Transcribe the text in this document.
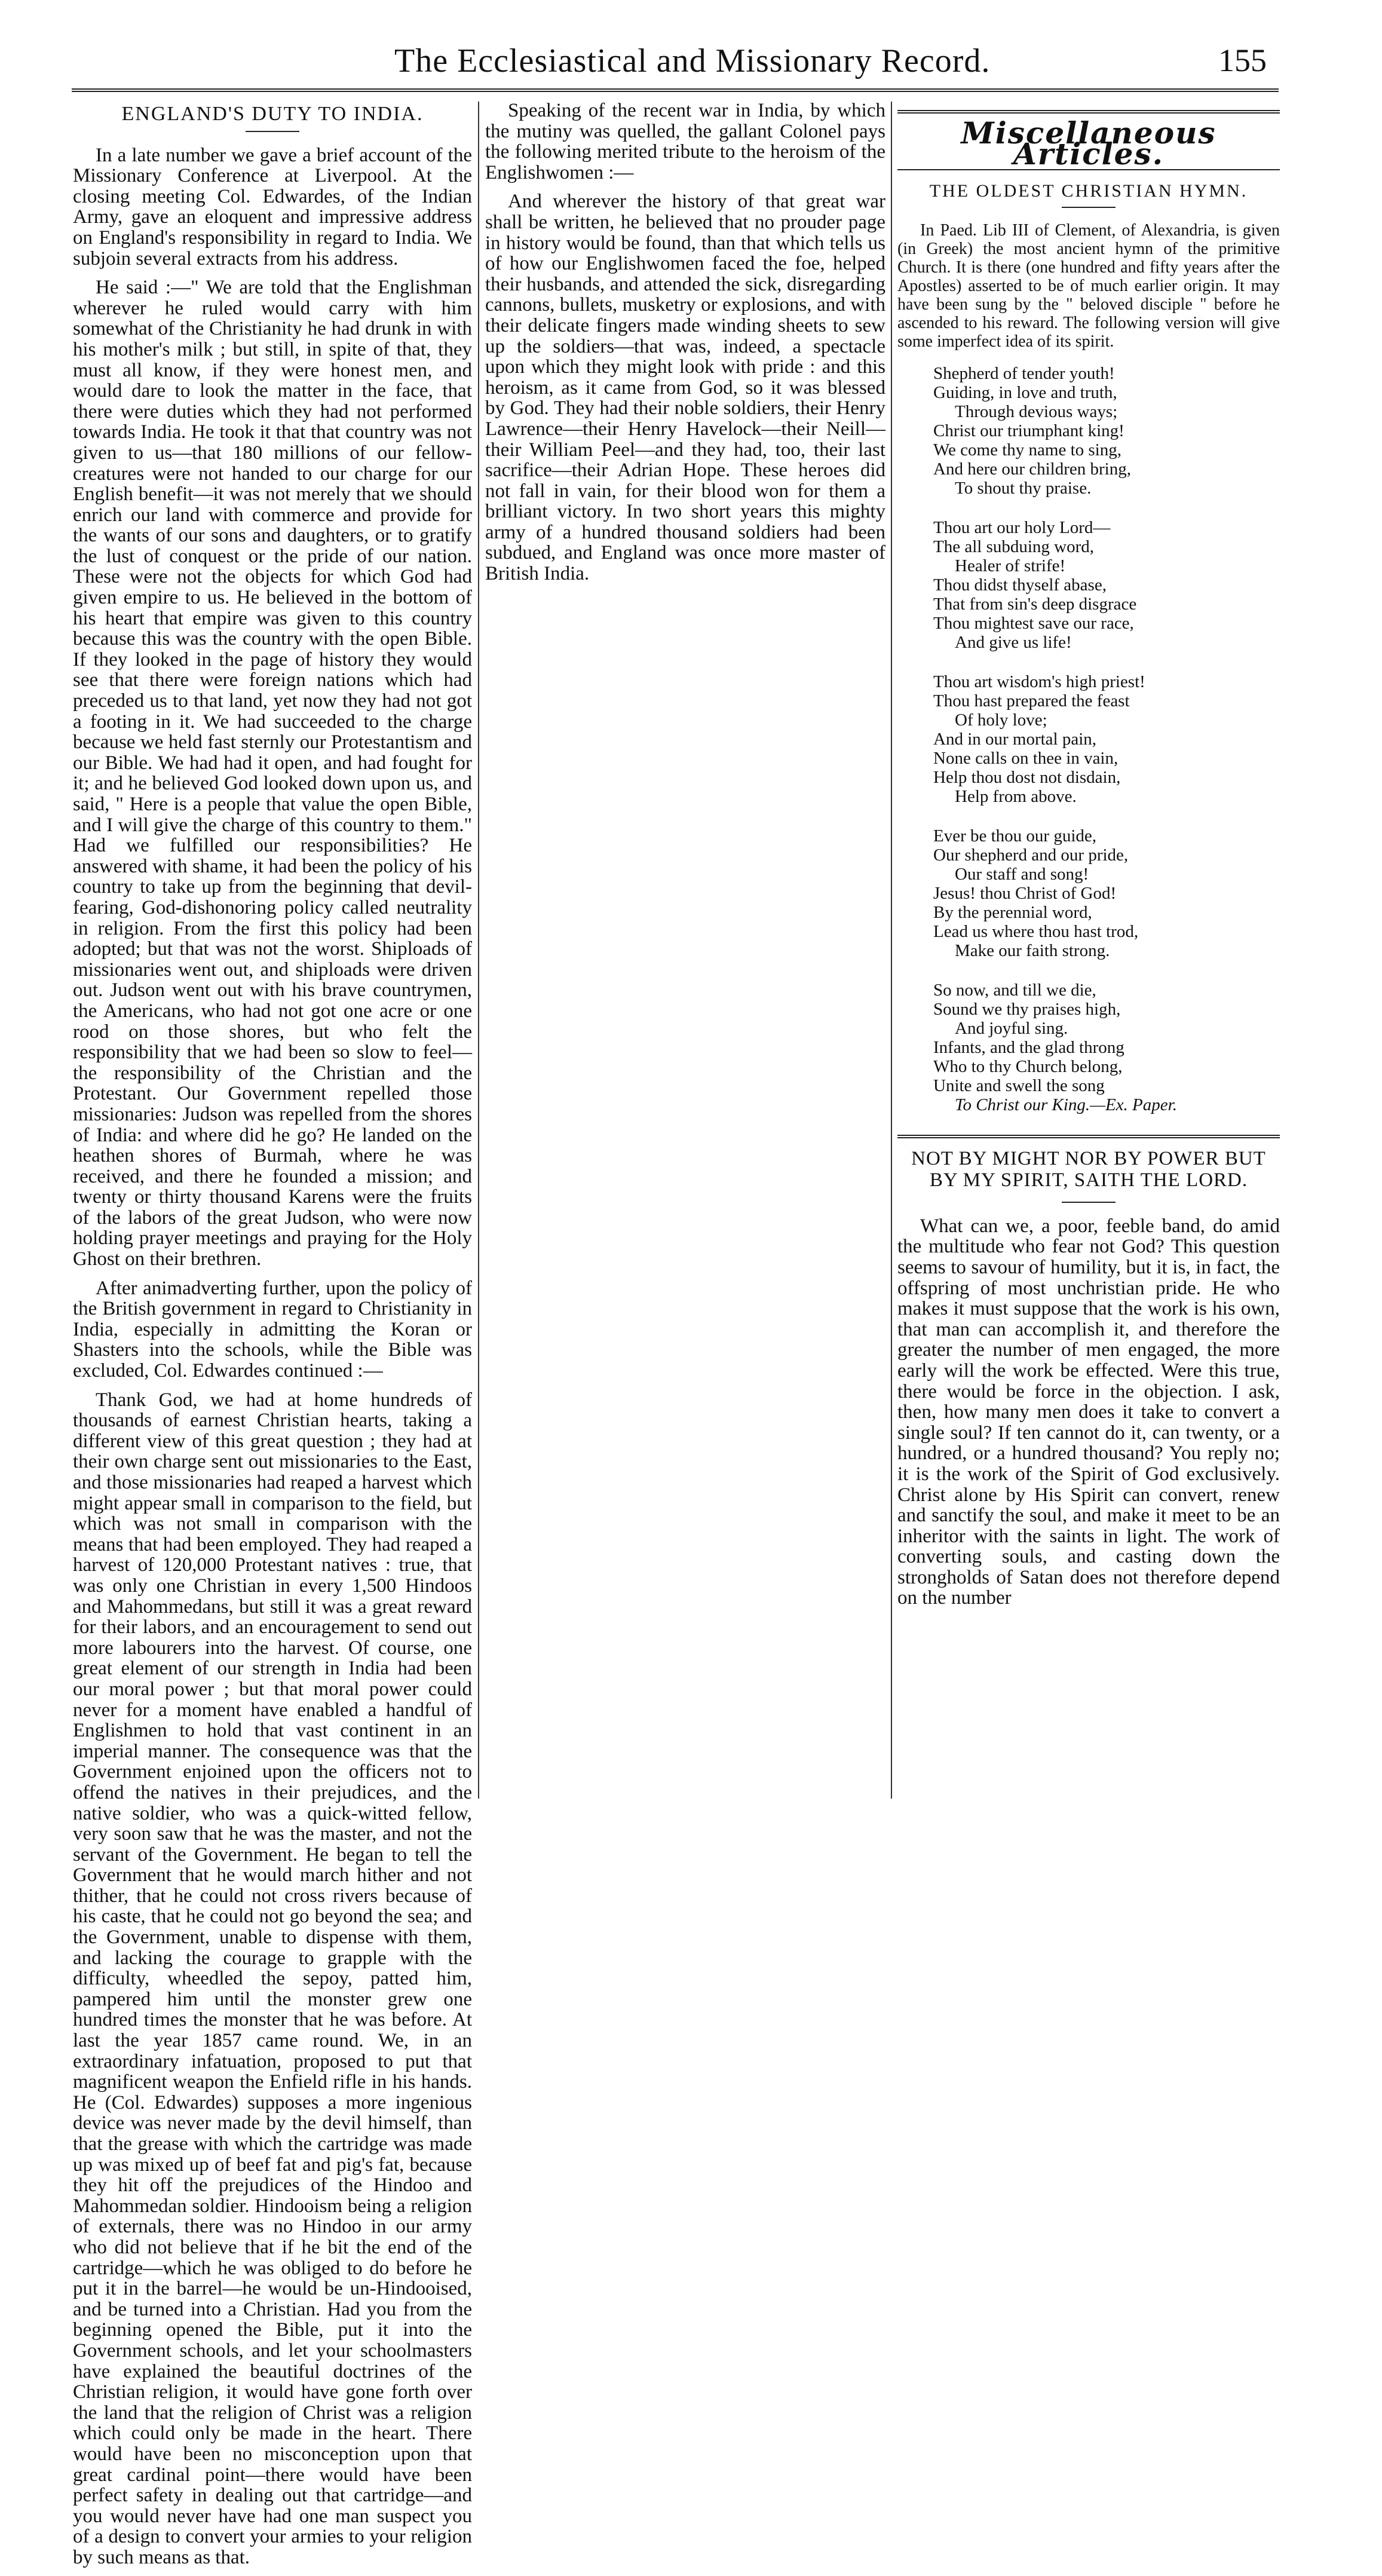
The Ecclesiastical and Missionary Record.	155
ENGLAND'S DUTY TO INDIA.

In a late number we gave a brief account of the Missionary Conference at Liverpool. At the closing meeting Col. Edwardes, of the Indian Army, gave an eloquent and impressive address on England's responsibility in regard to India. We subjoin several extracts from his address.

He said :—" We are told that the Englishman wherever he ruled would carry with him somewhat of the Christianity he had drunk in with his mother's milk ; but still, in spite of that, they must all know, if they were honest men, and would dare to look the matter in the face, that there were duties which they had not performed towards India. He took it that that country was not given to us—that 180 millions of our fellow-creatures were not handed to our charge for our English benefit—it was not merely that we should enrich our land with commerce and provide for the wants of our sons and daughters, or to gratify the lust of conquest or the pride of our nation. These were not the objects for which God had given empire to us. He believed in the bottom of his heart that empire was given to this country because this was the country with the open Bible. If they looked in the page of history they would see that there were foreign nations which had preceded us to that land, yet now they had not got a footing in it. We had succeeded to the charge because we held fast sternly our Protestantism and our Bible. We had had it open, and had fought for it; and he believed God looked down upon us, and said, " Here is a people that value the open Bible, and I will give the charge of this country to them." Had we fulfilled our responsibilities? He answered with shame, it had been the policy of his country to take up from the beginning that devil-fearing, God-dishonoring policy called neutrality in religion. From the first this policy had been adopted; but that was not the worst. Shiploads of missionaries went out, and shiploads were driven out. Judson went out with his brave countrymen, the Americans, who had not got one acre or one rood on those shores, but who felt the responsibility that we had been so slow to feel—the responsibility of the Christian and the Protestant. Our Government repelled those missionaries: Judson was repelled from the shores of India: and where did he go? He landed on the heathen shores of Burmah, where he was received, and there he founded a mission; and twenty or thirty thousand Karens were the fruits of the labors of the great Judson, who were now holding prayer meetings and praying for the Holy Ghost on their brethren.

After animadverting further, upon the policy of the British government in regard to Christianity in India, especially in admitting the Koran or Shasters into the schools, while the Bible was excluded, Col. Edwardes continued :—

Thank God, we had at home hundreds of thousands of earnest Christian hearts, taking a different view of this great question ; they had at their own charge sent out missionaries to the East, and those missionaries had reaped a harvest which might appear small in comparison to the field, but which was not small in comparison with the means that had been employed. They had reaped a harvest of 120,000 Protestant natives : true, that was only one Christian in every 1,500 Hindoos and Mahommedans, but still it was a great reward for their labors, and an encouragement to send out more labourers into the harvest. Of course, one great element of our strength in India had been our moral power ; but that moral power could never for a moment have enabled a handful of Englishmen to hold that vast continent in an imperial manner. The consequence was that the Government enjoined upon the officers not to offend the natives in their prejudices, and the native soldier, who was a quick-witted fellow, very soon saw that he was the master, and not the servant of the Government. He began to tell the Government that he would march hither and not thither, that he could not cross rivers because of his caste, that he could not go beyond the sea; and the Government, unable to dispense with them, and lacking the courage to grapple with the difficulty, wheedled the sepoy, patted him, pampered him until the monster grew one hundred times the monster that he was before. At last the year 1857 came round. We, in an extraordinary infatuation, proposed to put that magnificent weapon the Enfield rifle in his hands. He (Col. Edwardes) supposes a more ingenious device was never made by the devil himself, than that the grease with which the cartridge was made up was mixed up of beef fat and pig's fat, because they hit off the prejudices of the Hindoo and Mahommedan soldier. Hindooism being a religion of externals, there was no Hindoo in our army who did not believe that if he bit the end of the cartridge—which he was obliged to do before he put it in the barrel—he would be un-Hindooised, and be turned into a Christian. Had you from the beginning opened the Bible, put it into the Government schools, and let your schoolmasters have explained the beautiful doctrines of the Christian religion, it would have gone forth over the land that the religion of Christ was a religion which could only be made in the heart. There would have been no misconception upon that great cardinal point—there would have been perfect safety in dealing out that cartridge—and you would never have had one man suspect you of a design to convert your armies to your religion by such means as that.

Speaking of the recent war in India, by which the mutiny was quelled, the gallant Colonel pays the following merited tribute to the heroism of the Englishwomen :—

And wherever the history of that great war shall be written, he believed that no prouder page in history would be found, than that which tells us of how our Englishwomen faced the foe, helped their husbands, and attended the sick, disregarding cannons, bullets, musketry or explosions, and with their delicate fingers made winding sheets to sew up the soldiers—that was, indeed, a spectacle upon which they might look with pride : and this heroism, as it came from God, so it was blessed by God. They had their noble soldiers, their Henry Lawrence—their Henry Havelock—their Neill—their William Peel—and they had, too, their last sacrifice—their Adrian Hope. These heroes did not fall in vain, for their blood won for them a brilliant victory. In two short years this mighty army of a hundred thousand soldiers had been subdued, and England was once more master of British India.

Miscellaneous Articles.
THE OLDEST CHRISTIAN HYMN.

In Paed. Lib III of Clement, of Alexandria, is given (in Greek) the most ancient hymn of the primitive Church. It is there (one hundred and fifty years after the Apostles) asserted to be of much earlier origin. It may have been sung by the " beloved disciple " before he ascended to his reward. The following version will give some imperfect idea of its spirit.

Shepherd of tender youth!
Guiding, in love and truth,
Through devious ways;
Christ our triumphant king!
We come thy name to sing,
And here our children bring,
To shout thy praise.
Thou art our holy Lord—
The all subduing word,
Healer of strife!
Thou didst thyself abase,
That from sin's deep disgrace
Thou mightest save our race,
And give us life!
Thou art wisdom's high priest!
Thou hast prepared the feast
Of holy love;
And in our mortal pain,
None calls on thee in vain,
Help thou dost not disdain,
Help from above.
Ever be thou our guide,
Our shepherd and our pride,
Our staff and song!
Jesus! thou Christ of God!
By the perennial word,
Lead us where thou hast trod,
Make our faith strong.
So now, and till we die,
Sound we thy praises high,
And joyful sing.
Infants, and the glad throng
Who to thy Church belong,
Unite and swell the song
To Christ our King.—Ex. Paper.
NOT BY MIGHT NOR BY POWER BUT BY MY SPIRIT, SAITH THE LORD.

What can we, a poor, feeble band, do amid the multitude who fear not God? This question seems to savour of humility, but it is, in fact, the offspring of most unchristian pride. He who makes it must suppose that the work is his own, that man can accomplish it, and therefore the greater the number of men engaged, the more early will the work be effected. Were this true, there would be force in the objection. I ask, then, how many men does it take to convert a single soul? If ten cannot do it, can twenty, or a hundred, or a hundred thousand? You reply no; it is the work of the Spirit of God exclusively. Christ alone by His Spirit can convert, renew and sanctify the soul, and make it meet to be an inheritor with the saints in light. The work of converting souls, and casting down the strongholds of Satan does not therefore depend on the number
